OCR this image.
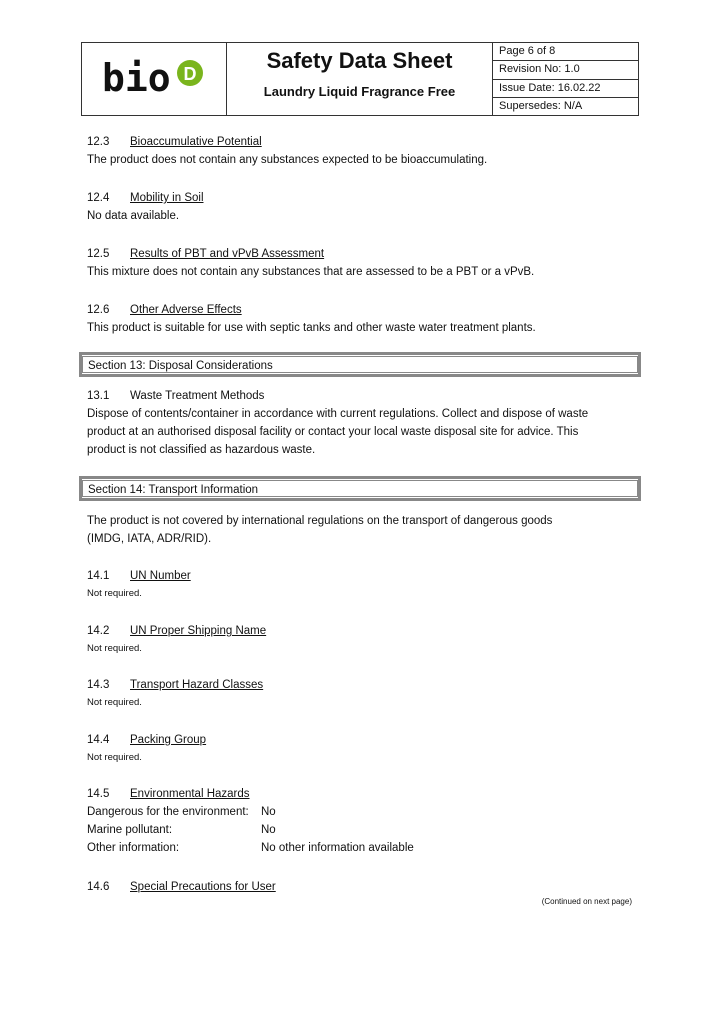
bio D
Safety Data Sheet
Laundry Liquid Fragrance Free
Page 6 of 8
Revision No: 1.0
Issue Date: 16.02.22
Supersedes: N/A
12.3 Bioaccumulative Potential
The product does not contain any substances expected to be bioaccumulating.
12.4 Mobility in Soil
No data available.
12.5 Results of PBT and vPvB Assessment
This mixture does not contain any substances that are assessed to be a PBT or a vPvB.
12.6 Other Adverse Effects
This product is suitable for use with septic tanks and other waste water treatment plants.
Section 13: Disposal Considerations
13.1 Waste Treatment Methods
Dispose of contents/container in accordance with current regulations. Collect and dispose of waste
product at an authorised disposal facility or contact your local waste disposal site for advice. This
product is not classified as hazardous waste.
Section 14: Transport Information
The product is not covered by international regulations on the transport of dangerous goods
(IMDG, IATA, ADR/RID).
14.1 UN Number
Not required.
14.2 UN Proper Shipping Name
Not required.
14.3 Transport Hazard Classes
Not required.
14.4 Packing Group
Not required.
14.5 Environmental Hazards
Dangerous for the environment: No
Marine pollutant:	No
Other information:	No other information available
14.6 Special Precautions for User
(Continued on next page)
